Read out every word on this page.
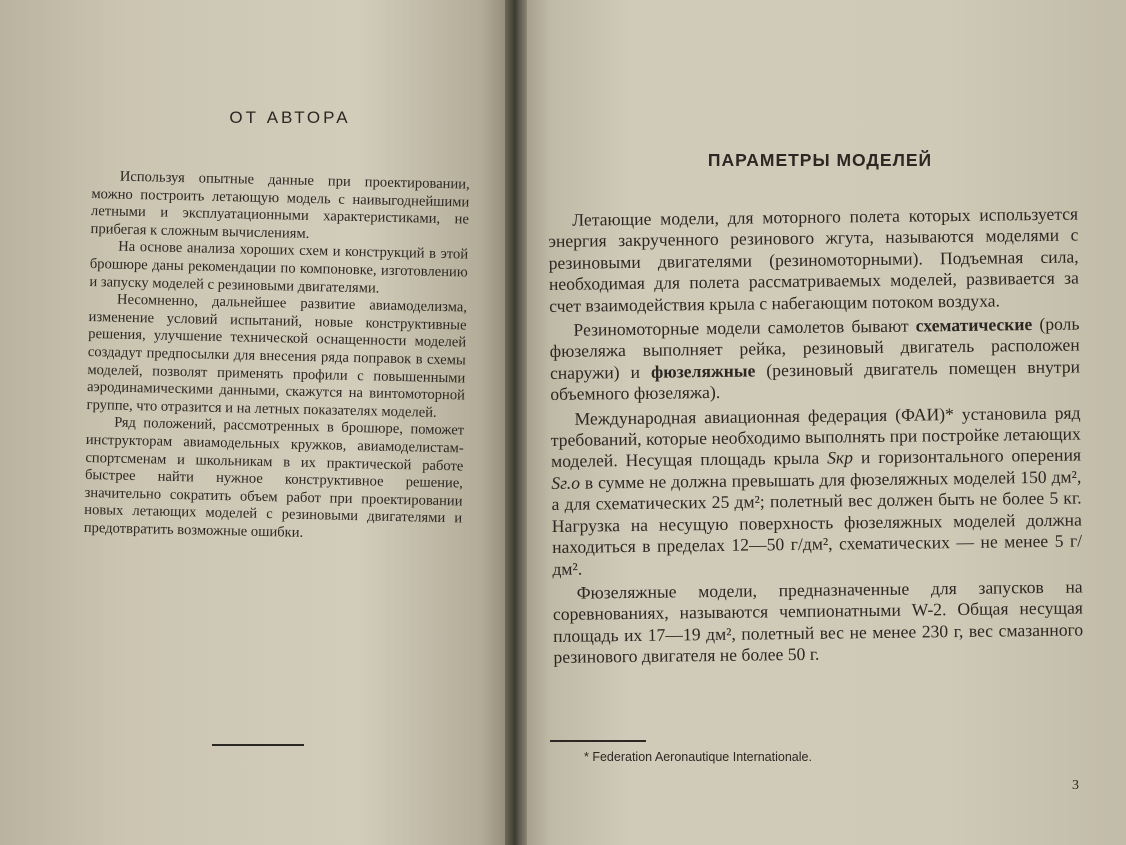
ОТ АВТОРА

Используя опытные данные при проектировании, можно построить летающую модель с наивыгоднейшими летными и эксплуатационными характеристиками, не прибегая к сложным вычислениям.

На основе анализа хороших схем и конструкций в этой брошюре даны рекомендации по компоновке, изготовлению и запуску моделей с резиновыми двигателями.

Несомненно, дальнейшее развитие авиамоделизма, изменение условий испытаний, новые конструктивные решения, улучшение технической оснащенности моделей создадут предпосылки для внесения ряда поправок в схемы моделей, позволят применять профили с повышенными аэродинамическими данными, скажутся на винтомоторной группе, что отразится и на летных показателях моделей.

Ряд положений, рассмотренных в брошюре, поможет инструкторам авиамодельных кружков, авиамоделистам-спортсменам и школьникам в их практической работе быстрее найти нужное конструктивное решение, значительно сократить объем работ при проектировании новых летающих моделей с резиновыми двигателями и предотвратить возможные ошибки.

ПАРАМЕТРЫ МОДЕЛЕЙ

Летающие модели, для моторного полета которых используется энергия закрученного резинового жгута, называются моделями с резиновыми двигателями (резиномоторными). Подъемная сила, необходимая для полета рассматриваемых моделей, развивается за счет взаимодействия крыла с набегающим потоком воздуха.

Резиномоторные модели самолетов бывают схематические (роль фюзеляжа выполняет рейка, резиновый двигатель расположен снаружи) и фюзеляжные (резиновый двигатель помещен внутри объемного фюзеляжа).

Международная авиационная федерация (ФАИ)* установила ряд требований, которые необходимо выполнять при постройке летающих моделей. Несущая площадь крыла Sкр и горизонтального оперения Sг.о в сумме не должна превышать для фюзеляжных моделей 150 дм², а для схематических 25 дм²; полетный вес должен быть не более 5 кг. Нагрузка на несущую поверхность фюзеляжных моделей должна находиться в пределах 12—50 г/дм², схематических — не менее 5 г/дм².

Фюзеляжные модели, предназначенные для запусков на соревнованиях, называются чемпионатными W-2. Общая несущая площадь их 17—19 дм², полетный вес не менее 230 г, вес смазанного резинового двигателя не более 50 г.

* Federation Aeronautique Internationale.
3
